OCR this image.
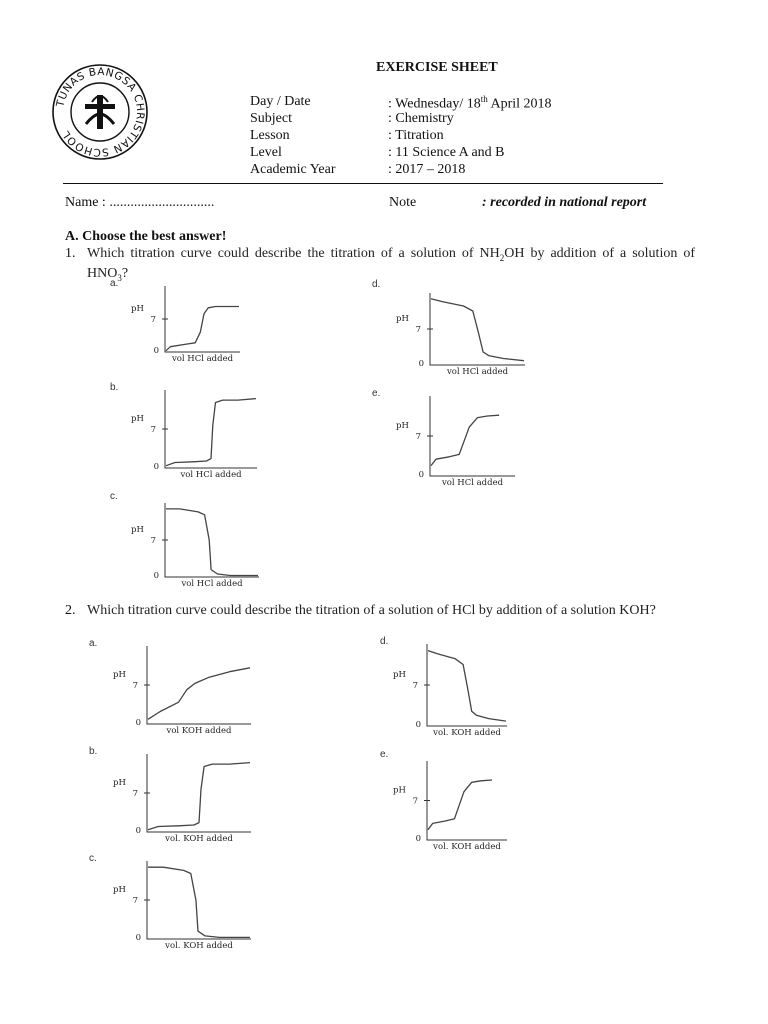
TUNAS BANGSA CHRISTIAN SCHOOL
EXERCISE SHEET
Day / Date	: Wednesday/ 18th April 2018
Subject	: Chemistry
Lesson	: Titration
Level	: 11 Science A and B
Academic Year	: 2017 – 2018
Name : ..............................	Note	: recorded in national report
A. Choose the best answer!
1. Which titration curve could describe the titration of a solution of $NH_2OH$ by addition of a solution of $HNO_3$?
2. Which titration curve could describe the titration of a solution of HCl by addition of a solution KOH?
a.
7
0
pH
vol HCl added
b.
7
0
pH
vol HCl added
c.
7
0
pH
vol HCl added
d.
7
0
pH
vol HCl added
e.
7
0
pH
vol HCl added
a.
7
0
pH
vol KOH added
b.
7
0
pH
vol. KOH added
c.
7
0
pH
vol. KOH added
d.
7
0
pH
vol. KOH added
e.
7
0
pH
vol. KOH added
